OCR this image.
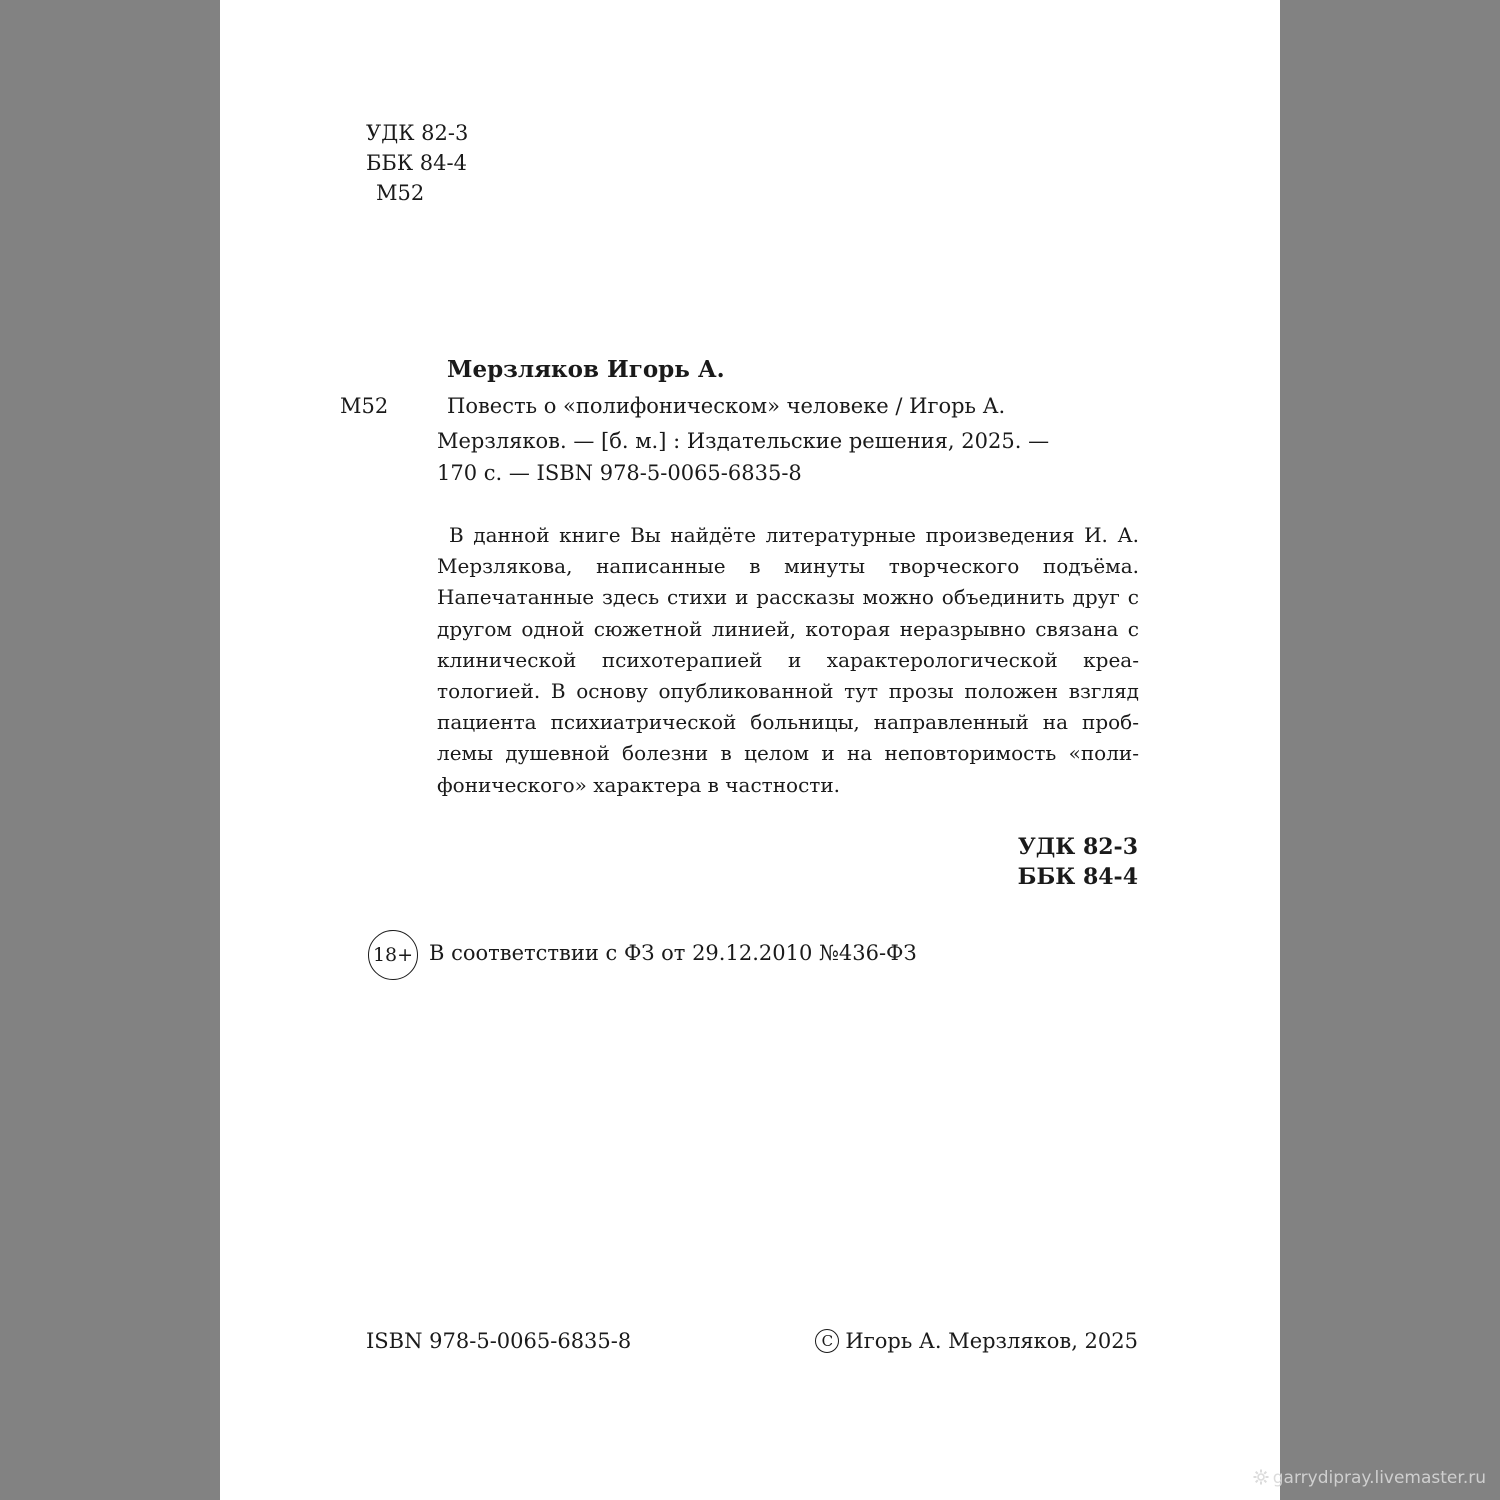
УДК 82-3
ББК 84-4
М52
Мерзляков Игорь А.
М52	Повесть о «полифоническом» человеке / Игорь А.
Мерзляков. — [б. м.] : Издательские решения, 2025. —
170 с. — ISBN 978-5-0065-6835-8
В данной книге Вы найдёте литературные произведения И. А. Мерзлякова, написанные в минуты творческого подъёма. Напечатанные здесь стихи и рассказы можно объединить друг с другом одной сюжетной линией, которая неразрывно связана с клинической психотерапией и характерологической креатологией. В основу опубликованной тут прозы положен взгляд пациента психиатрической больницы, направленный на проблемы душевной болезни в целом и на неповторимость «полифонического» характера в частности.
УДК 82-3
ББК 84-4
18+ В соответствии с ФЗ от 29.12.2010 №436-ФЗ
ISBN 978-5-0065-6835-8	C Игорь А. Мерзляков, 2025
garrydipray.livemaster.ru
